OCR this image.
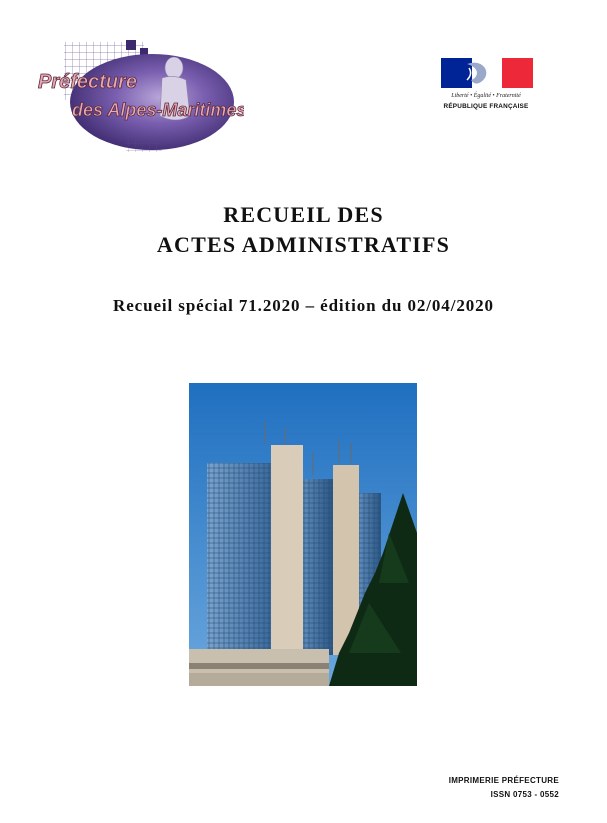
Préfecture
des Alpes-Maritimes
Liberté • Égalité • Fraternité
RÉPUBLIQUE FRANÇAISE
RECUEIL DES
ACTES ADMINISTRATIFS
Recueil spécial 71.2020 – édition du 02/04/2020
IMPRIMERIE PRÉFECTURE
ISSN 0753 - 0552
